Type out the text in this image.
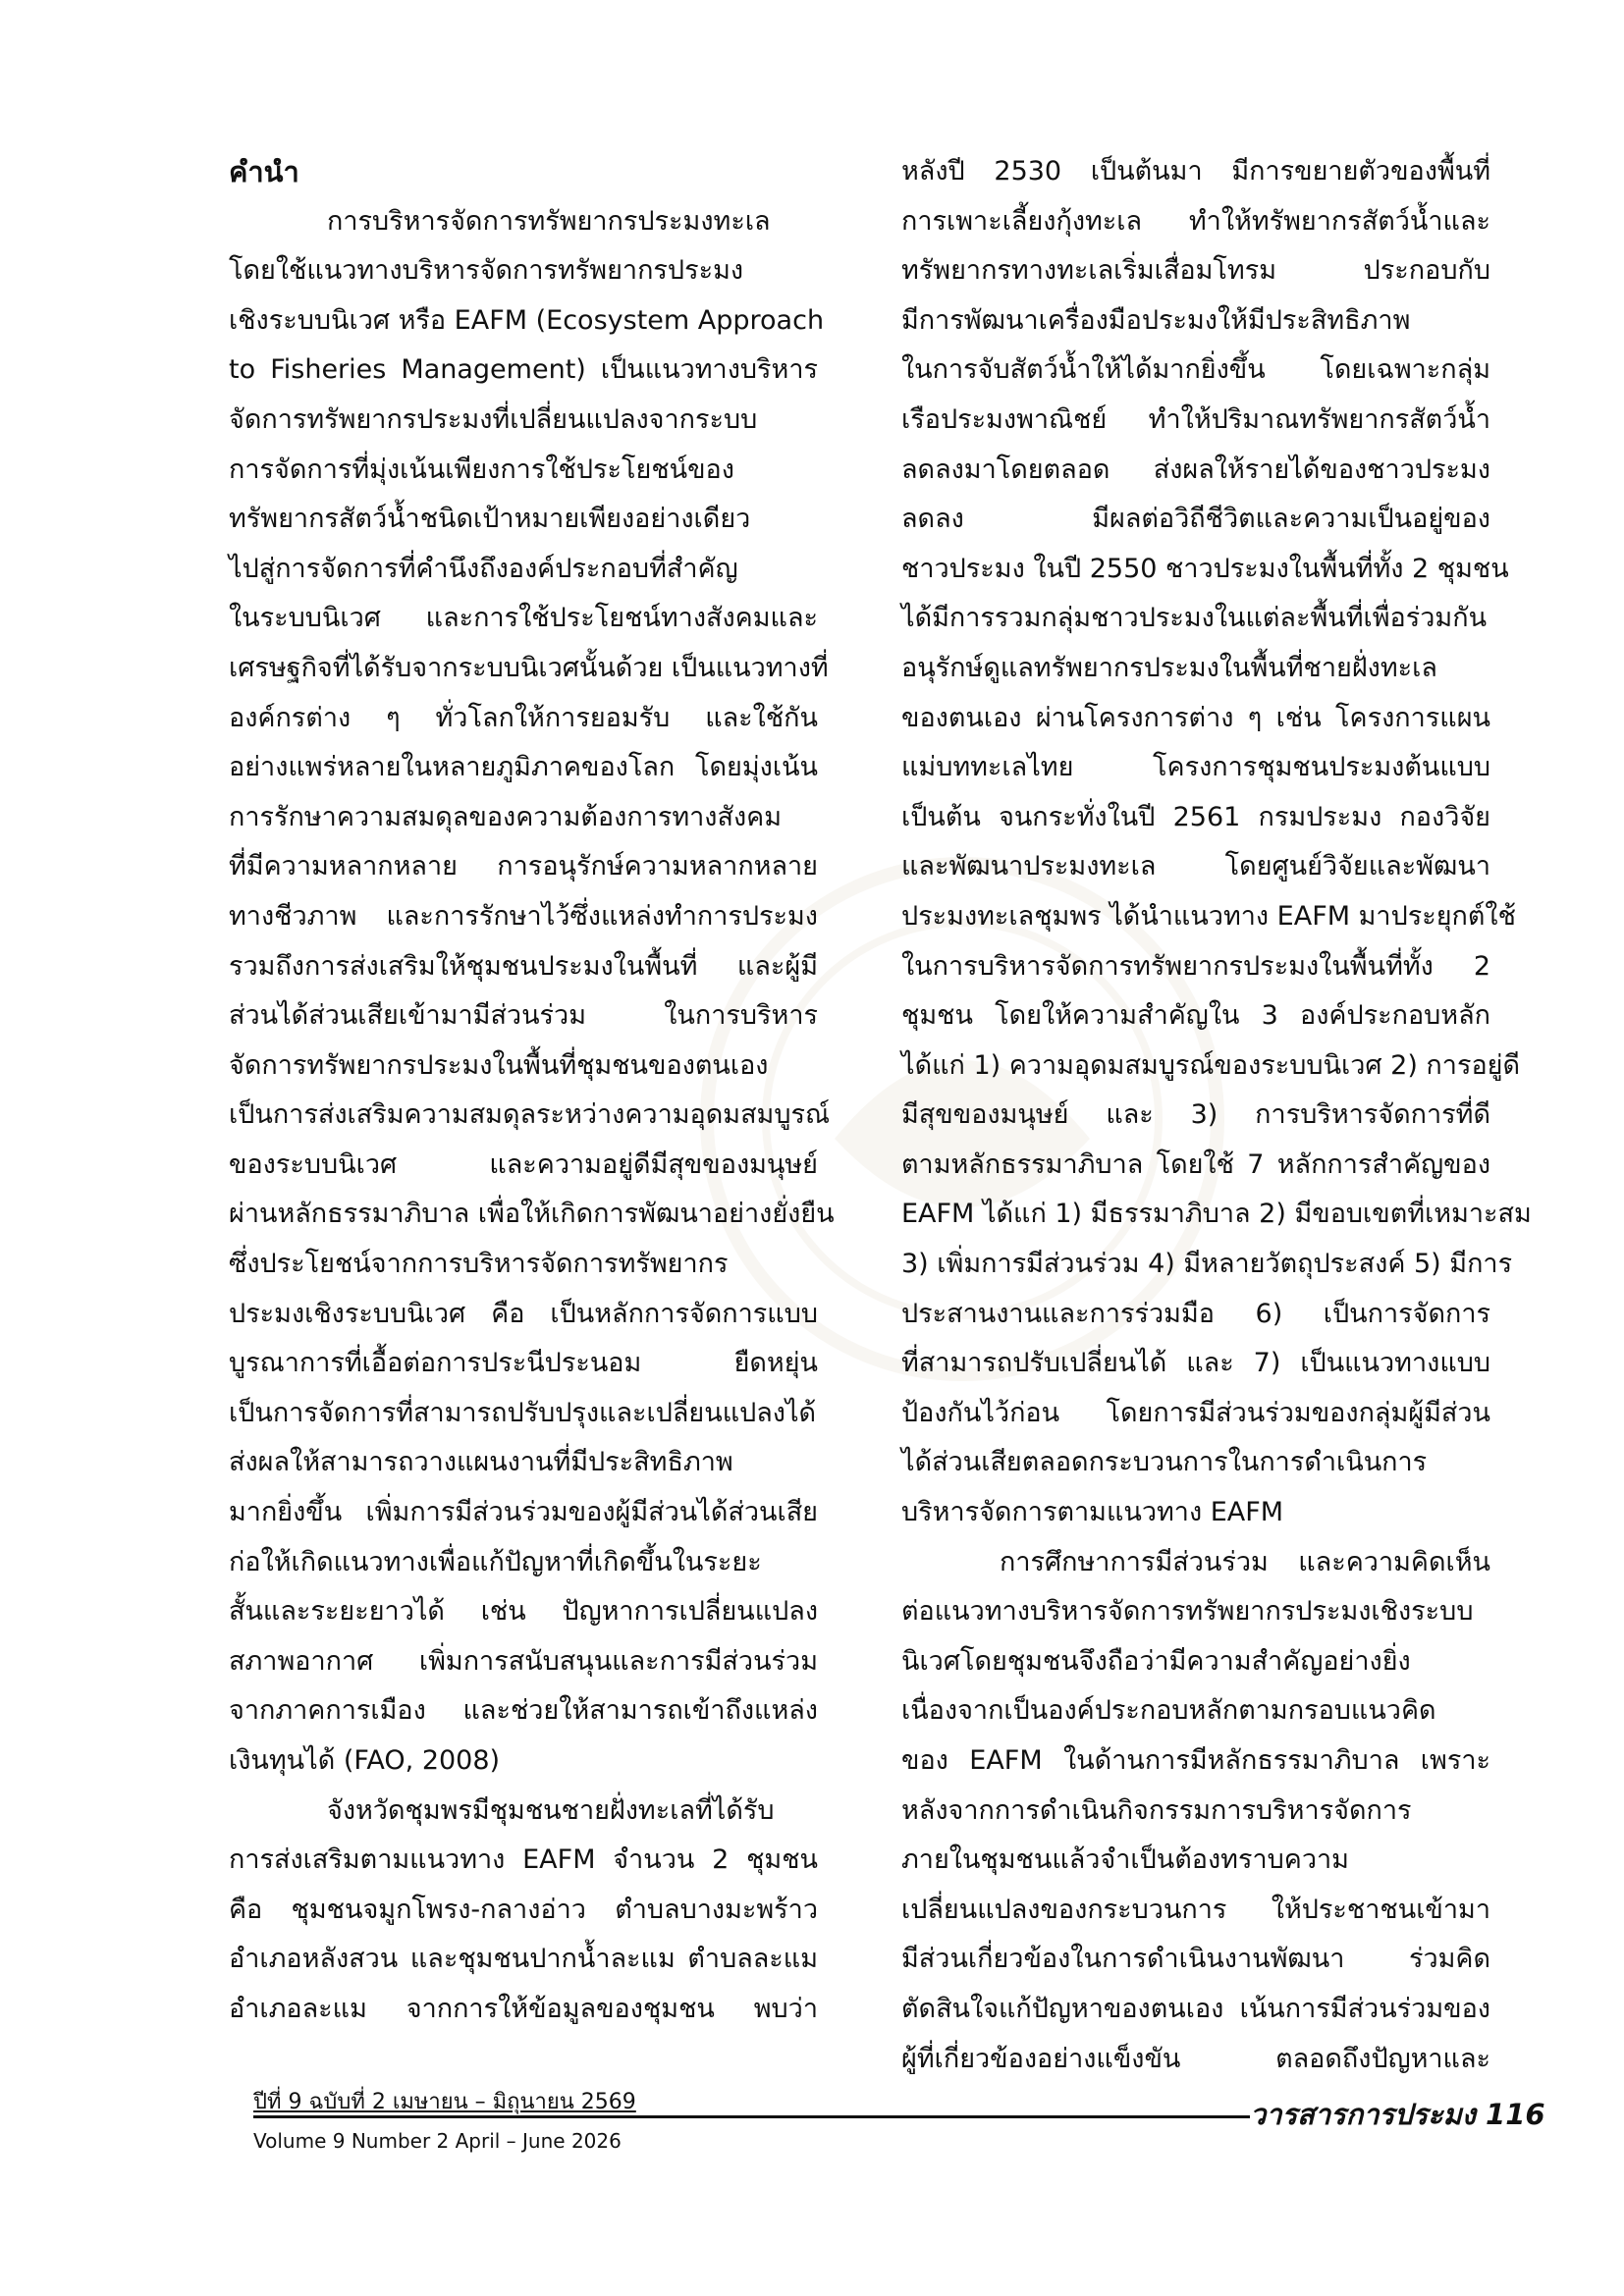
คำนำ

การบริหารจัดการทรัพยากรประมงทะเล

โดยใช้แนวทางบริหารจัดการทรัพยากรประมง

เชิงระบบนิเวศ หรือ EAFM (Ecosystem Approach

to Fisheries Management) เป็นแนวทางบริหาร

จัดการทรัพยากรประมงที่เปลี่ยนแปลงจากระบบ

การจัดการที่มุ่งเน้นเพียงการใช้ประโยชน์ของ

ทรัพยากรสัตว์น้ำชนิดเป้าหมายเพียงอย่างเดียว

ไปสู่การจัดการที่คำนึงถึงองค์ประกอบที่สำคัญ

ในระบบนิเวศ และการใช้ประโยชน์ทางสังคมและ

เศรษฐกิจที่ได้รับจากระบบนิเวศนั้นด้วย เป็นแนวทางที่

องค์กรต่าง ๆ ทั่วโลกให้การยอมรับ และใช้กัน

อย่างแพร่หลายในหลายภูมิภาคของโลก โดยมุ่งเน้น

การรักษาความสมดุลของความต้องการทางสังคม

ที่มีความหลากหลาย การอนุรักษ์ความหลากหลาย

ทางชีวภาพ และการรักษาไว้ซึ่งแหล่งทำการประมง

รวมถึงการส่งเสริมให้ชุมชนประมงในพื้นที่ และผู้มี

ส่วนได้ส่วนเสียเข้ามามีส่วนร่วม ในการบริหาร

จัดการทรัพยากรประมงในพื้นที่ชุมชนของตนเอง

เป็นการส่งเสริมความสมดุลระหว่างความอุดมสมบูรณ์

ของระบบนิเวศ และความอยู่ดีมีสุขของมนุษย์

ผ่านหลักธรรมาภิบาล เพื่อให้เกิดการพัฒนาอย่างยั่งยืน

ซึ่งประโยชน์จากการบริหารจัดการทรัพยากร

ประมงเชิงระบบนิเวศ คือ เป็นหลักการจัดการแบบ

บูรณาการที่เอื้อต่อการประนีประนอม ยืดหยุ่น

เป็นการจัดการที่สามารถปรับปรุงและเปลี่ยนแปลงได้

ส่งผลให้สามารถวางแผนงานที่มีประสิทธิภาพ

มากยิ่งขึ้น เพิ่มการมีส่วนร่วมของผู้มีส่วนได้ส่วนเสีย

ก่อให้เกิดแนวทางเพื่อแก้ปัญหาที่เกิดขึ้นในระยะ

สั้นและระยะยาวได้ เช่น ปัญหาการเปลี่ยนแปลง

สภาพอากาศ เพิ่มการสนับสนุนและการมีส่วนร่วม

จากภาคการเมือง และช่วยให้สามารถเข้าถึงแหล่ง

เงินทุนได้ (FAO, 2008)

จังหวัดชุมพรมีชุมชนชายฝั่งทะเลที่ได้รับ

การส่งเสริมตามแนวทาง EAFM จำนวน 2 ชุมชน

คือ ชุมชนจมูกโพรง-กลางอ่าว ตำบลบางมะพร้าว

อำเภอหลังสวน และชุมชนปากน้ำละแม ตำบลละแม

อำเภอละแม จากการให้ข้อมูลของชุมชน พบว่า

หลังปี 2530 เป็นต้นมา มีการขยายตัวของพื้นที่

การเพาะเลี้ยงกุ้งทะเล ทำให้ทรัพยากรสัตว์น้ำและ

ทรัพยากรทางทะเลเริ่มเสื่อมโทรม ประกอบกับ

มีการพัฒนาเครื่องมือประมงให้มีประสิทธิภาพ

ในการจับสัตว์น้ำให้ได้มากยิ่งขึ้น โดยเฉพาะกลุ่ม

เรือประมงพาณิชย์ ทำให้ปริมาณทรัพยากรสัตว์น้ำ

ลดลงมาโดยตลอด ส่งผลให้รายได้ของชาวประมง

ลดลง มีผลต่อวิถีชีวิตและความเป็นอยู่ของ

ชาวประมง ในปี 2550 ชาวประมงในพื้นที่ทั้ง 2 ชุมชน

ได้มีการรวมกลุ่มชาวประมงในแต่ละพื้นที่เพื่อร่วมกัน

อนุรักษ์ดูแลทรัพยากรประมงในพื้นที่ชายฝั่งทะเล

ของตนเอง ผ่านโครงการต่าง ๆ เช่น โครงการแผน

แม่บททะเลไทย โครงการชุมชนประมงต้นแบบ

เป็นต้น จนกระทั่งในปี 2561 กรมประมง กองวิจัย

และพัฒนาประมงทะเล โดยศูนย์วิจัยและพัฒนา

ประมงทะเลชุมพร ได้นำแนวทาง EAFM มาประยุกต์ใช้

ในการบริหารจัดการทรัพยากรประมงในพื้นที่ทั้ง 2

ชุมชน โดยให้ความสำคัญใน 3 องค์ประกอบหลัก

ได้แก่ 1) ความอุดมสมบูรณ์ของระบบนิเวศ 2) การอยู่ดี

มีสุขของมนุษย์ และ 3) การบริหารจัดการที่ดี

ตามหลักธรรมาภิบาล โดยใช้ 7 หลักการสำคัญของ

EAFM ได้แก่ 1) มีธรรมาภิบาล 2) มีขอบเขตที่เหมาะสม

3) เพิ่มการมีส่วนร่วม 4) มีหลายวัตถุประสงค์ 5) มีการ

ประสานงานและการร่วมมือ 6) เป็นการจัดการ

ที่สามารถปรับเปลี่ยนได้ และ 7) เป็นแนวทางแบบ

ป้องกันไว้ก่อน โดยการมีส่วนร่วมของกลุ่มผู้มีส่วน

ได้ส่วนเสียตลอดกระบวนการในการดำเนินการ

บริหารจัดการตามแนวทาง EAFM

การศึกษาการมีส่วนร่วม และความคิดเห็น

ต่อแนวทางบริหารจัดการทรัพยากรประมงเชิงระบบ

นิเวศโดยชุมชนจึงถือว่ามีความสำคัญอย่างยิ่ง

เนื่องจากเป็นองค์ประกอบหลักตามกรอบแนวคิด

ของ EAFM ในด้านการมีหลักธรรมาภิบาล เพราะ

หลังจากการดำเนินกิจกรรมการบริหารจัดการ

ภายในชุมชนแล้วจำเป็นต้องทราบความ

เปลี่ยนแปลงของกระบวนการ ให้ประชาชนเข้ามา

มีส่วนเกี่ยวข้องในการดำเนินงานพัฒนา ร่วมคิด

ตัดสินใจแก้ปัญหาของตนเอง เน้นการมีส่วนร่วมของ

ผู้ที่เกี่ยวข้องอย่างแข็งขัน ตลอดถึงปัญหาและ

ปีที่ 9 ฉบับที่ 2 เมษายน – มิถุนายน 2569	วารสารการประมง 116
Volume 9 Number 2 April – June 2026
